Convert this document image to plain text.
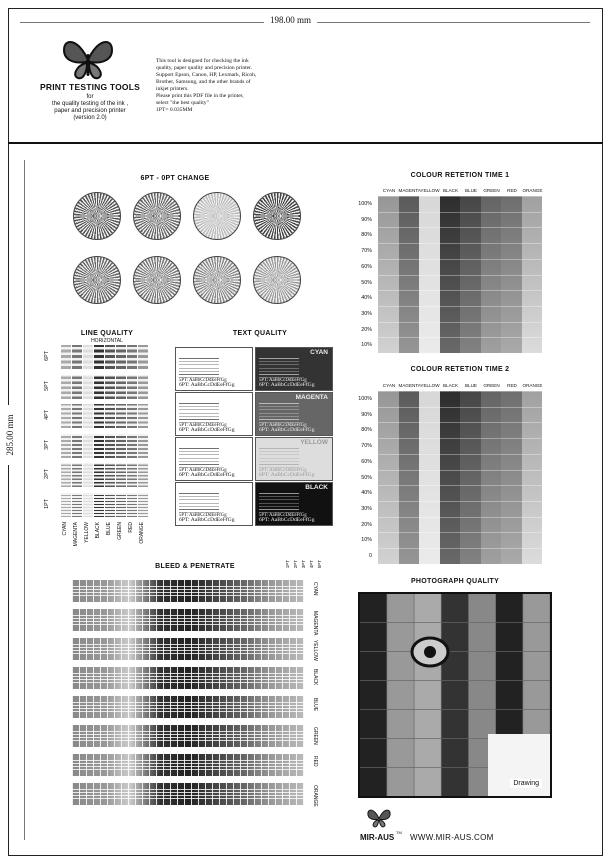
198.00 mm
285.00 mm
PRINT TESTING TOOLS
for
the quality testing of the ink ,
paper and precision printer
(version 2.0)
This tool is designed for checking the ink
quality, paper quality and precision printer.
Support Epson, Canon, HP, Lexmark, Ricoh,
Brother, Samsung, and the other brands of
inkjet printers.
Please print this PDF file in the printer,
select "the best quality"
1PT= 0.035MM
6PT - 0PT CHANGE
LINE QUALITY
HORIZONTAL
TEXT QUALITY
COLOUR RETETION TIME 1
COLOUR RETETION TIME 2
BLEED & PENETRATE
PHOTOGRAPH QUALITY
Drawing
MIR-AUS
TM
WWW.MIR-AUS.COM
6PT
5PT
4PT
3PT
2PT
1PT
CYAN MAGENTA YELLOW BLACK BLUE GREEN RED ORANGE
5PT: AaBbCcDdEeFfGg
6PT: AaBbCcDdEeFfGg
5PT: AaBbCcDdEeFfGg
6PT: AaBbCcDdEeFfGg
CYAN
5PT: AaBbCcDdEeFfGg
6PT: AaBbCcDdEeFfGg
5PT: AaBbCcDdEeFfGg
6PT: AaBbCcDdEeFfGg
MAGENTA
5PT: AaBbCcDdEeFfGg
6PT: AaBbCcDdEeFfGg
5PT: AaBbCcDdEeFfGg
6PT: AaBbCcDdEeFfGg
YELLOW
5PT: AaBbCcDdEeFfGg
6PT: AaBbCcDdEeFfGg
5PT: AaBbCcDdEeFfGg
6PT: AaBbCcDdEeFfGg
BLACK
CYAN MAGENTA YELLOW BLACK	BLUE	GREEN	RED	ORANGE
100%
90%
80%
70%
60%
50%
40%
30%
20%
10%
CYAN MAGENTA YELLOW BLACK	BLUE	GREEN	RED	ORANGE
100%
90%
80%
70%
60%
50%
40%
30%
20%
10%
0
1PT 2PT 3PT 4PT 5PT
CYAN
MAGENTA
YELLOW
BLACK
BLUE
GREEN
RED
ORANGE
